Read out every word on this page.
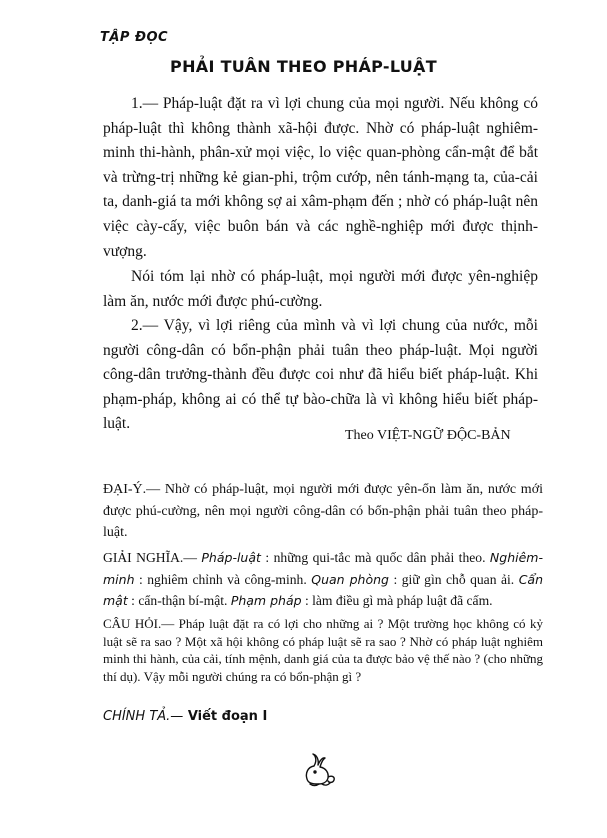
TẬP ĐỌC
PHẢI TUÂN THEO PHÁP-LUẬT

1.— Pháp-luật đặt ra vì lợi chung của mọi người. Nếu không có pháp-luật thì không thành xã-hội được. Nhờ có pháp-luật nghiêm-minh thi-hành, phân-xử mọi việc, lo việc quan-phòng cẩn-mật để bắt và trừng-trị những kẻ gian-phi, trộm cướp, nên tánh-mạng ta, của-cải ta, danh-giá ta mới không sợ ai xâm-phạm đến ; nhờ có pháp-luật nên việc cày-cấy, việc buôn bán và các nghề-nghiệp mới được thịnh-vượng.

Nói tóm lại nhờ có pháp-luật, mọi người mới được yên-nghiệp làm ăn, nước mới được phú-cường.

2.— Vậy, vì lợi riêng của mình và vì lợi chung của nước, mỗi người công-dân có bổn-phận phải tuân theo pháp-luật. Mọi người công-dân trưởng-thành đều được coi như đã hiểu biết pháp-luật. Khi phạm-pháp, không ai có thể tự bào-chữa là vì không hiểu biết pháp-luật.

Theo VIỆT-NGỮ ĐỘC-BẢN

ĐẠI-Ý.— Nhờ có pháp-luật, mọi người mới được yên-ổn làm ăn, nước mới được phú-cường, nên mọi người công-dân có bổn-phận phải tuân theo pháp-luật.

GIẢI NGHĨA.— Pháp-luật : những qui-tắc mà quốc dân phải theo. Nghiêm-minh : nghiêm chỉnh và công-minh. Quan phòng : giữ gìn chỗ quan ải. Cẩn mật : cẩn-thận bí-mật. Phạm pháp : làm điều gì mà pháp luật đã cấm.

CÂU HỎI.— Pháp luật đặt ra có lợi cho những ai ? Một trường học không có kỷ luật sẽ ra sao ? Một xã hội không có pháp luật sẽ ra sao ? Nhờ có pháp luật nghiêm minh thi hành, của cải, tính mệnh, danh giá của ta được bảo vệ thế nào ? (cho những thí dụ). Vậy mỗi người chúng ra có bổn-phận gì ?

CHÍNH TẢ.— Viết đoạn I
